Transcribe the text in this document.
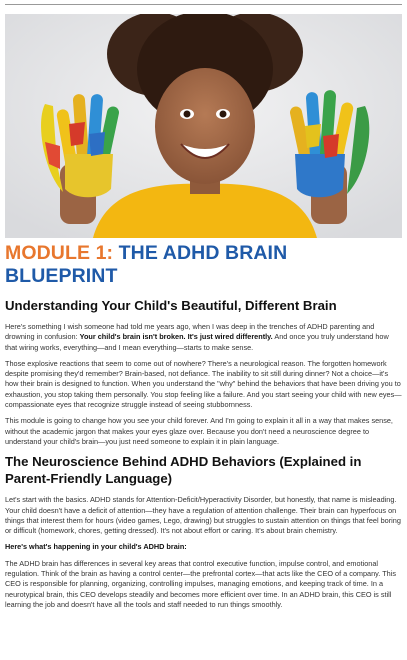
MODULE 1: THE ADHD BRAIN BLUEPRINT
Understanding Your Child's Beautiful, Different Brain

Here's something I wish someone had told me years ago, when I was deep in the trenches of ADHD parenting and drowning in confusion: Your child's brain isn't broken. It's just wired differently. And once you truly understand how that wiring works, everything—and I mean everything—starts to make sense.

Those explosive reactions that seem to come out of nowhere? There's a neurological reason. The forgotten homework despite promising they'd remember? Brain-based, not defiance. The inability to sit still during dinner? Not a choice—it's how their brain is designed to function. When you understand the "why" behind the behaviors that have been driving you to exhaustion, you stop taking them personally. You stop feeling like a failure. And you start seeing your child with new eyes—compassionate eyes that recognize struggle instead of seeing stubbornness.

This module is going to change how you see your child forever. And I'm going to explain it all in a way that makes sense, without the academic jargon that makes your eyes glaze over. Because you don't need a neuroscience degree to understand your child's brain—you just need someone to explain it in plain language.

The Neuroscience Behind ADHD Behaviors (Explained in Parent-Friendly Language)

Let's start with the basics. ADHD stands for Attention-Deficit/Hyperactivity Disorder, but honestly, that name is misleading. Your child doesn't have a deficit of attention—they have a regulation of attention challenge. Their brain can hyperfocus on things that interest them for hours (video games, Lego, drawing) but struggles to sustain attention on things that feel boring or difficult (homework, chores, getting dressed). It's not about effort or caring. It's about brain chemistry.

Here's what's happening in your child's ADHD brain:

The ADHD brain has differences in several key areas that control executive function, impulse control, and emotional regulation. Think of the brain as having a control center—the prefrontal cortex—that acts like the CEO of a company. This CEO is responsible for planning, organizing, controlling impulses, managing emotions, and keeping track of time. In a neurotypical brain, this CEO develops steadily and becomes more efficient over time. In an ADHD brain, this CEO is still learning the job and doesn't have all the tools and staff needed to run things smoothly.
